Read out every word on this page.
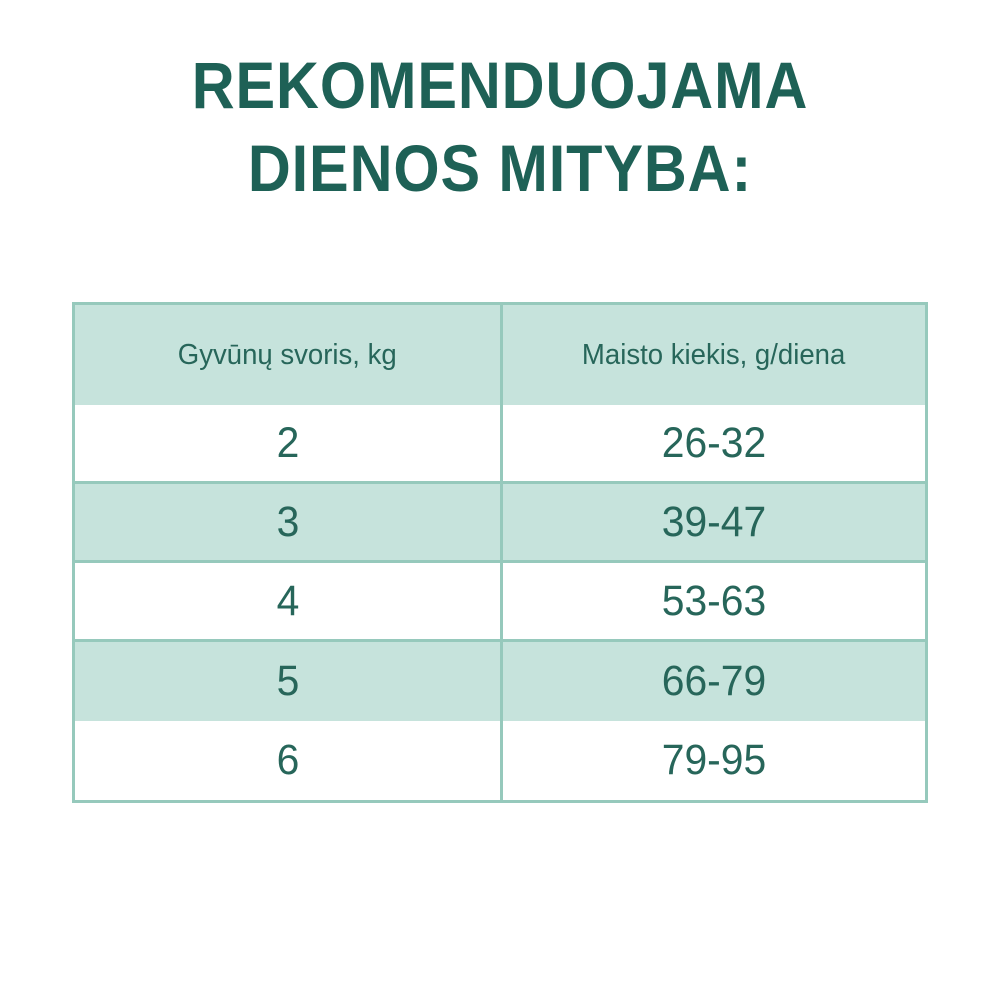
REKOMENDUOJAMA
DIENOS MITYBA:
Gyvūnų svoris, kg	Maisto kiekis, g/diena
2	26-32
3	39-47
4	53-63
5	66-79
6	79-95
